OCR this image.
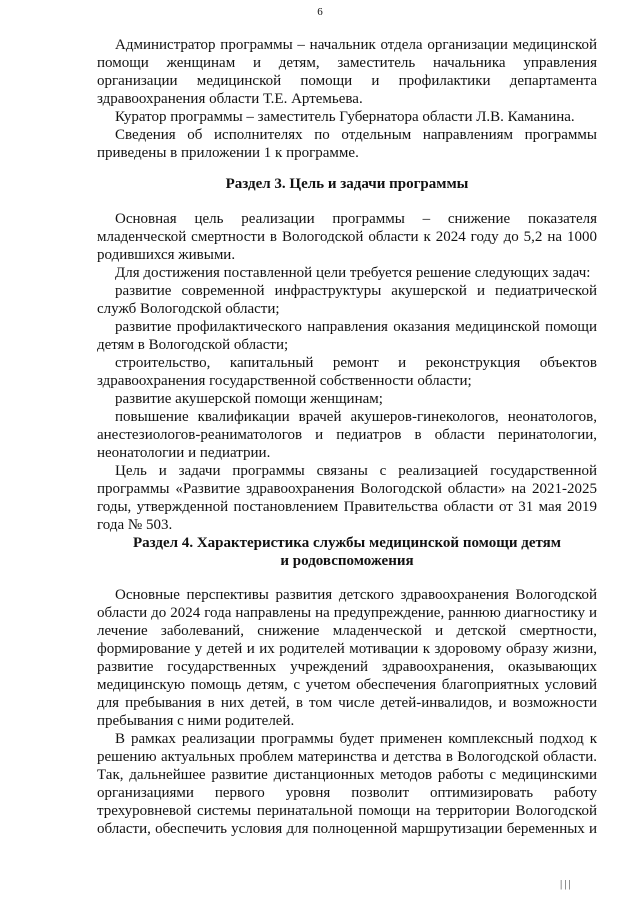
6

Администратор программы – начальник отдела организации медицинской помощи женщинам и детям, заместитель начальника управления организации медицинской помощи и профилактики департамента здравоохранения области Т.Е. Артемьева.

Куратор программы – заместитель Губернатора области Л.В. Каманина.

Сведения об исполнителях по отдельным направлениям программы приведены в приложении 1 к программе.

Раздел 3. Цель и задачи программы

Основная цель реализации программы – снижение показателя младенческой смертности в Вологодской области к 2024 году до 5,2 на 1000 родившихся живыми.

Для достижения поставленной цели требуется решение следующих задач:

развитие современной инфраструктуры акушерской и педиатрической служб Вологодской области;

развитие профилактического направления оказания медицинской помощи детям в Вологодской области;

строительство, капитальный ремонт и реконструкция объектов здравоохранения государственной собственности области;

развитие акушерской помощи женщинам;

повышение квалификации врачей акушеров-гинекологов, неонатологов, анестезиологов-реаниматологов и педиатров в области перинатологии, неонатологии и педиатрии.

Цель и задачи программы связаны с реализацией государственной программы «Развитие здравоохранения Вологодской области» на 2021-2025 годы, утвержденной постановлением Правительства области от 31 мая 2019 года № 503.

Раздел 4. Характеристика службы медицинской помощи детям

и родовспоможения

Основные перспективы развития детского здравоохранения Вологодской области до 2024 года направлены на предупреждение, раннюю диагностику и лечение заболеваний, снижение младенческой и детской смертности, формирование у детей и их родителей мотивации к здоровому образу жизни, развитие государственных учреждений здравоохранения, оказывающих медицинскую помощь детям, с учетом обеспечения благоприятных условий для пребывания в них детей, в том числе детей-инвалидов, и возможности пребывания с ними родителей.

В рамках реализации программы будет применен комплексный подход к решению актуальных проблем материнства и детства в Вологодской области. Так, дальнейшее развитие дистанционных методов работы с медицинскими организациями первого уровня позволит оптимизировать работу трехуровневой системы перинатальной помощи на территории Вологодской области, обеспечить условия для полноценной маршрутизации беременных и

|||
